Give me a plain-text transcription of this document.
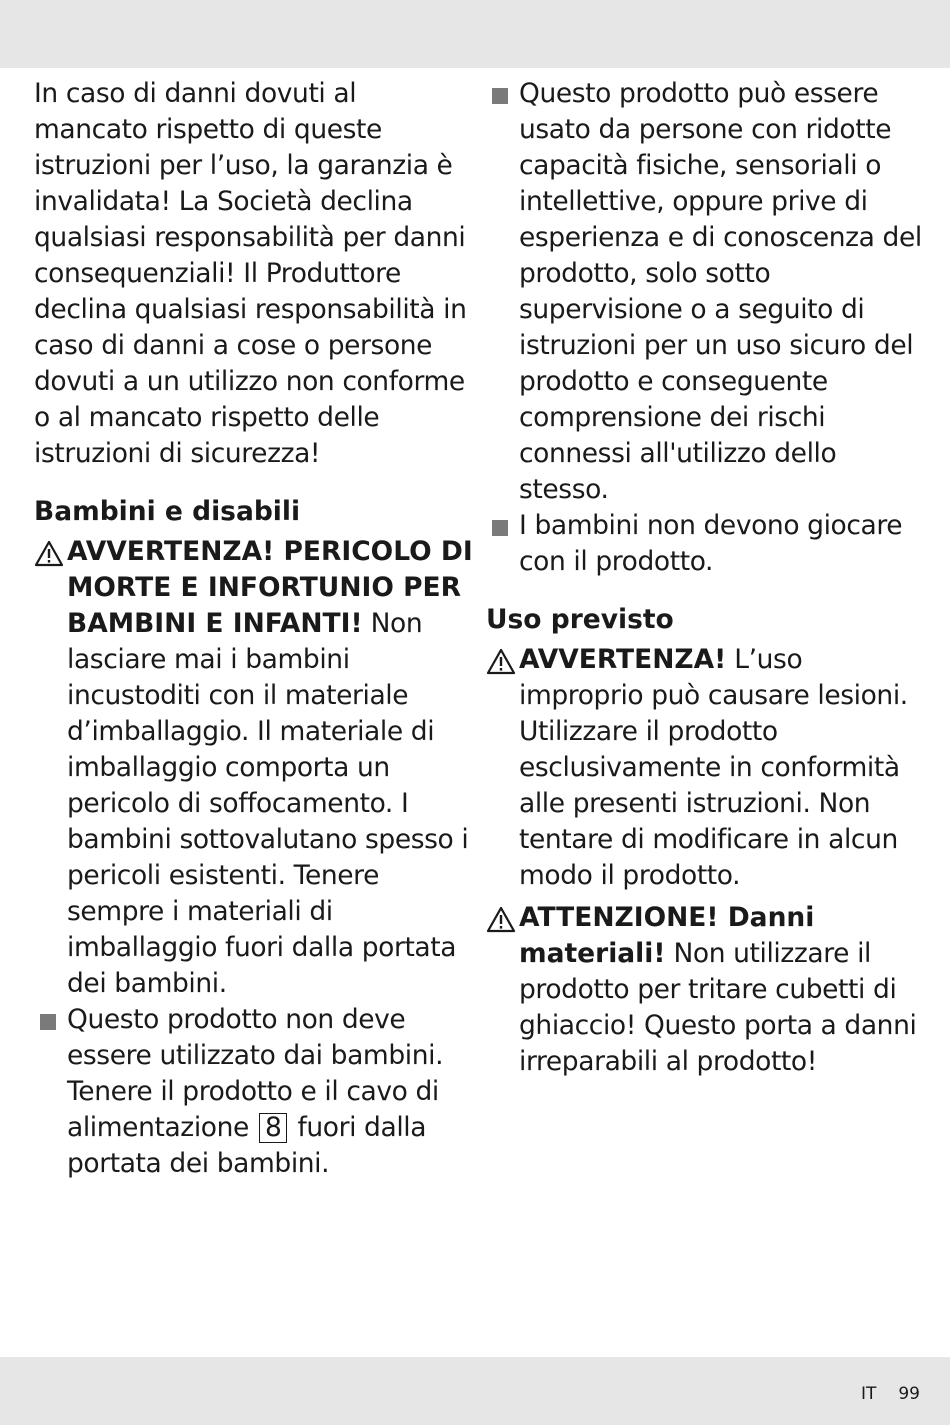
In caso di danni dovuti al mancato rispetto di queste istruzioni per l’uso, la garanzia è invalidata! La Società declina qualsiasi responsabilità per danni consequenziali! Il Produttore declina qualsiasi responsabilità in caso di danni a cose o persone dovuti a un utilizzo non conforme o al mancato rispetto delle istruzioni di sicurezza!

Bambini e disabili

AVVERTENZA! PERICOLO DI MORTE E INFORTUNIO PER BAMBINI E INFANTI! Non lasciare mai i bambini incustoditi con il materiale d’imballaggio. Il materiale di imballaggio comporta un pericolo di soffocamento. I bambini sottovalutano spesso i pericoli esistenti. Tenere sempre i materiali di imballaggio fuori dalla portata dei bambini.

Questo prodotto non deve essere utilizzato dai bambini. Tenere il prodotto e il cavo di alimentazione 8 fuori dalla portata dei bambini.

Questo prodotto può essere usato da persone con ridotte capacità fisiche, sensoriali o intellettive, oppure prive di esperienza e di conoscenza del prodotto, solo sotto supervisione o a seguito di istruzioni per un uso sicuro del prodotto e conseguente comprensione dei rischi connessi all'utilizzo dello stesso.

I bambini non devono giocare con il prodotto.

Uso previsto

AVVERTENZA! L’uso improprio può causare lesioni. Utilizzare il prodotto esclusivamente in conformità alle presenti istruzioni. Non tentare di modificare in alcun modo il prodotto.

ATTENZIONE! Danni materiali! Non utilizzare il prodotto per tritare cubetti di ghiaccio! Questo porta a danni irreparabili al prodotto!

IT 99
